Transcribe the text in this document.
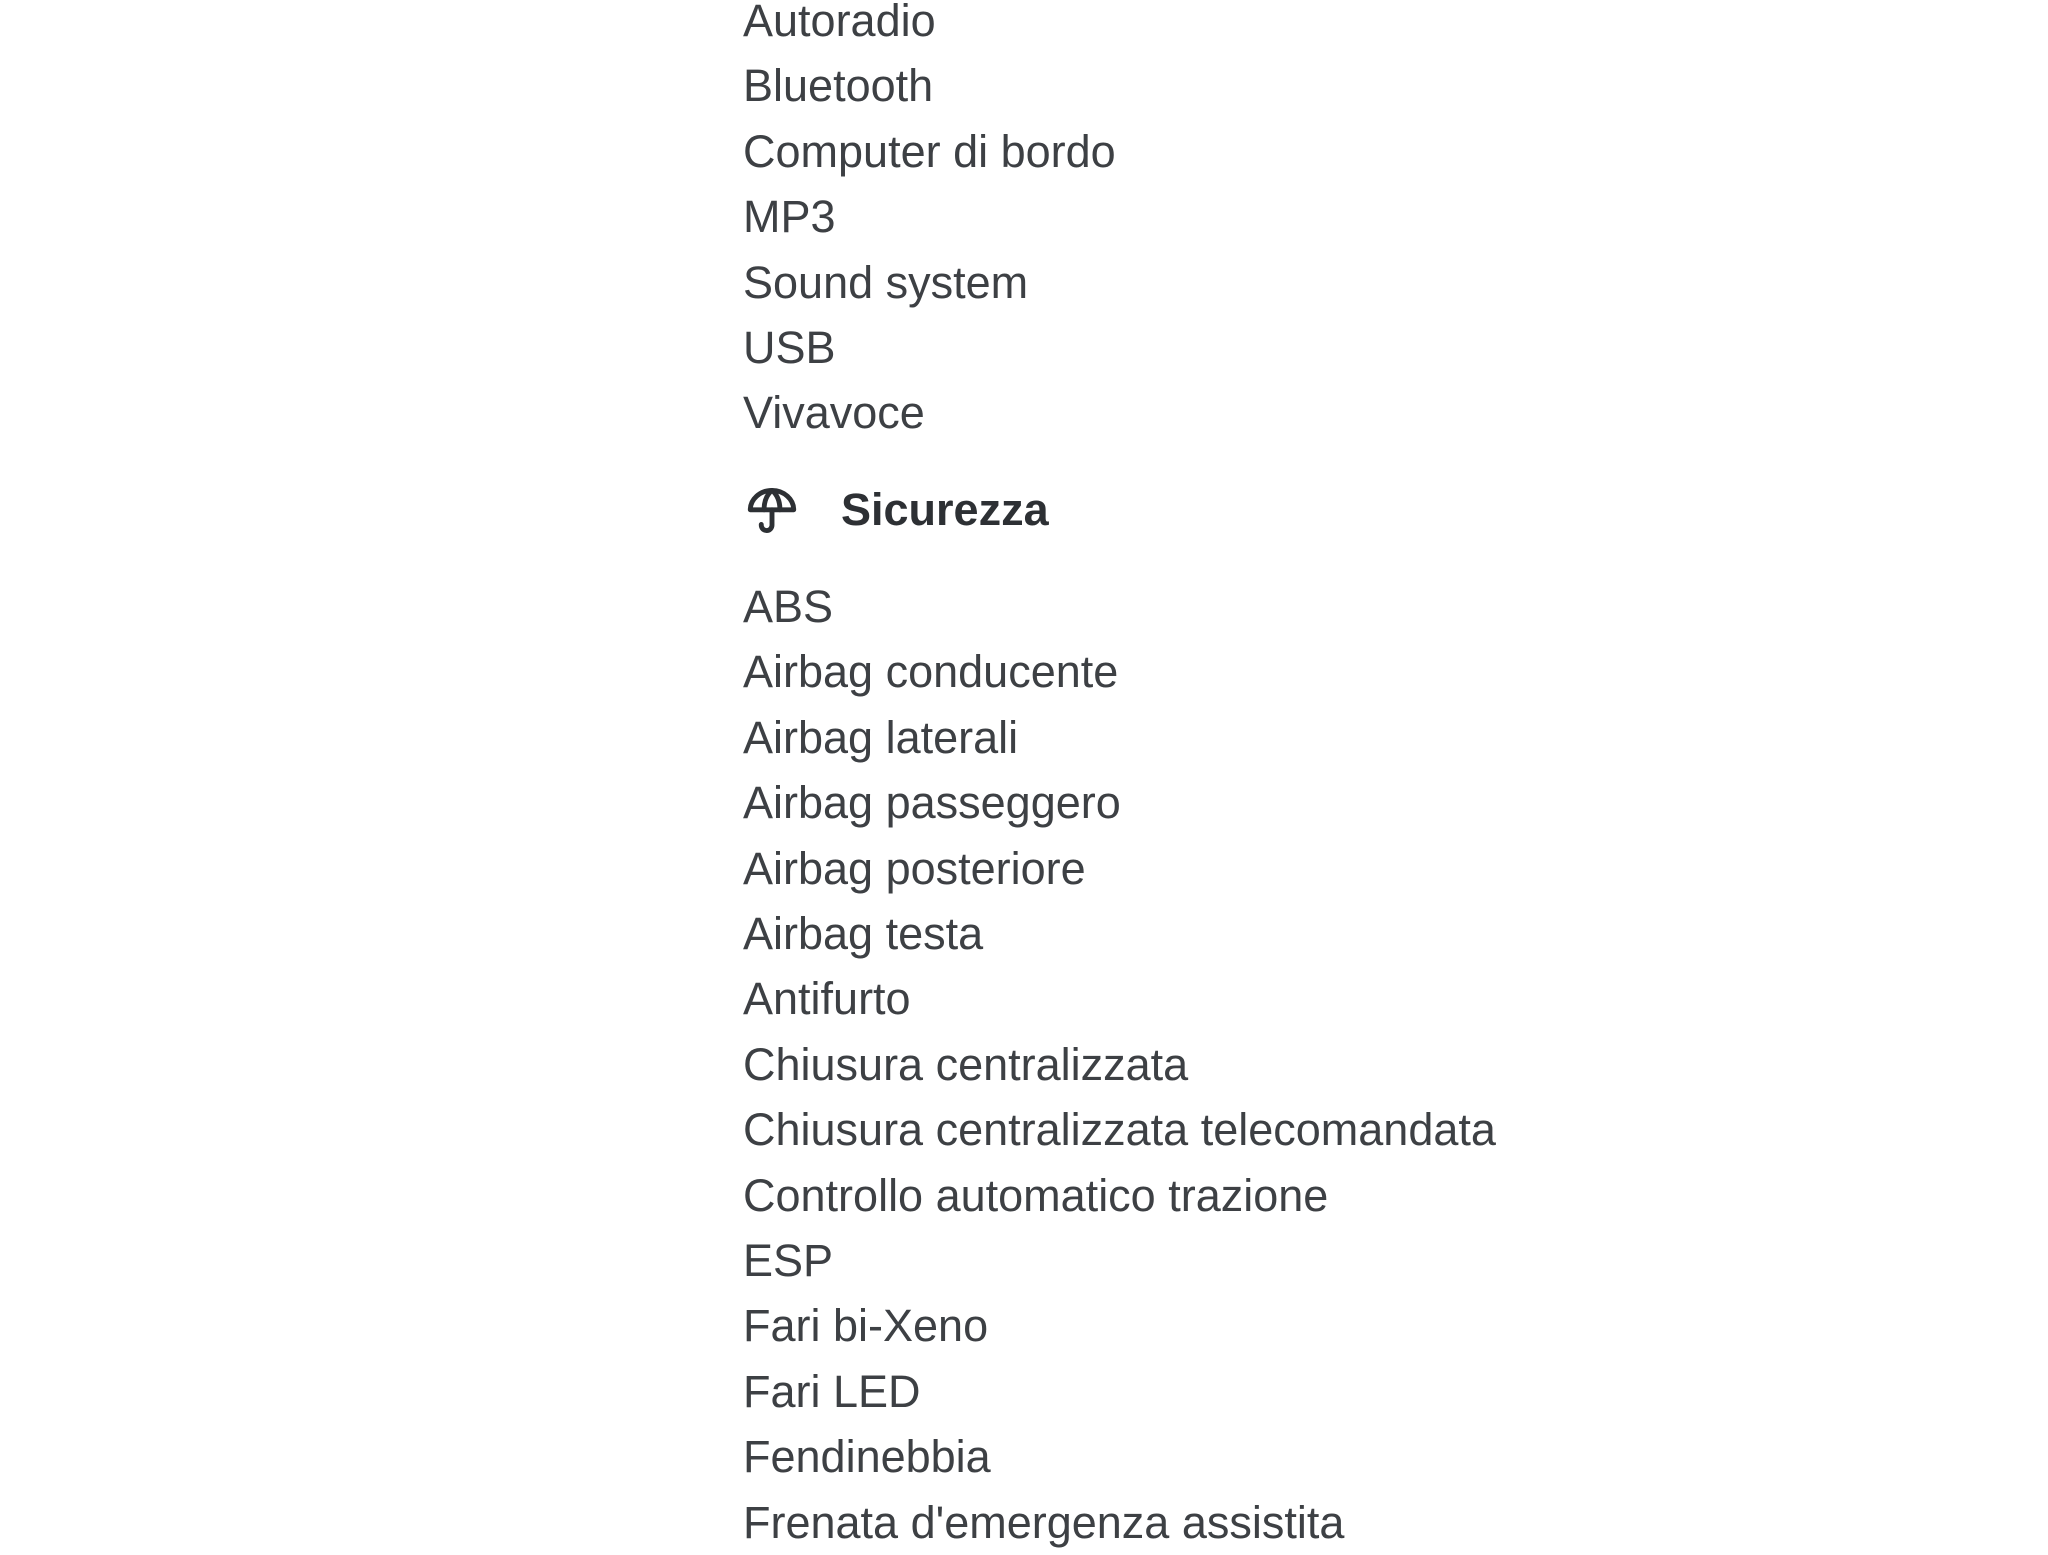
Autoradio
Bluetooth
Computer di bordo
MP3
Sound system
USB
Vivavoce
Sicurezza
ABS
Airbag conducente
Airbag laterali
Airbag passeggero
Airbag posteriore
Airbag testa
Antifurto
Chiusura centralizzata
Chiusura centralizzata telecomandata
Controllo automatico trazione
ESP
Fari bi-Xeno
Fari LED
Fendinebbia
Frenata d'emergenza assistita
